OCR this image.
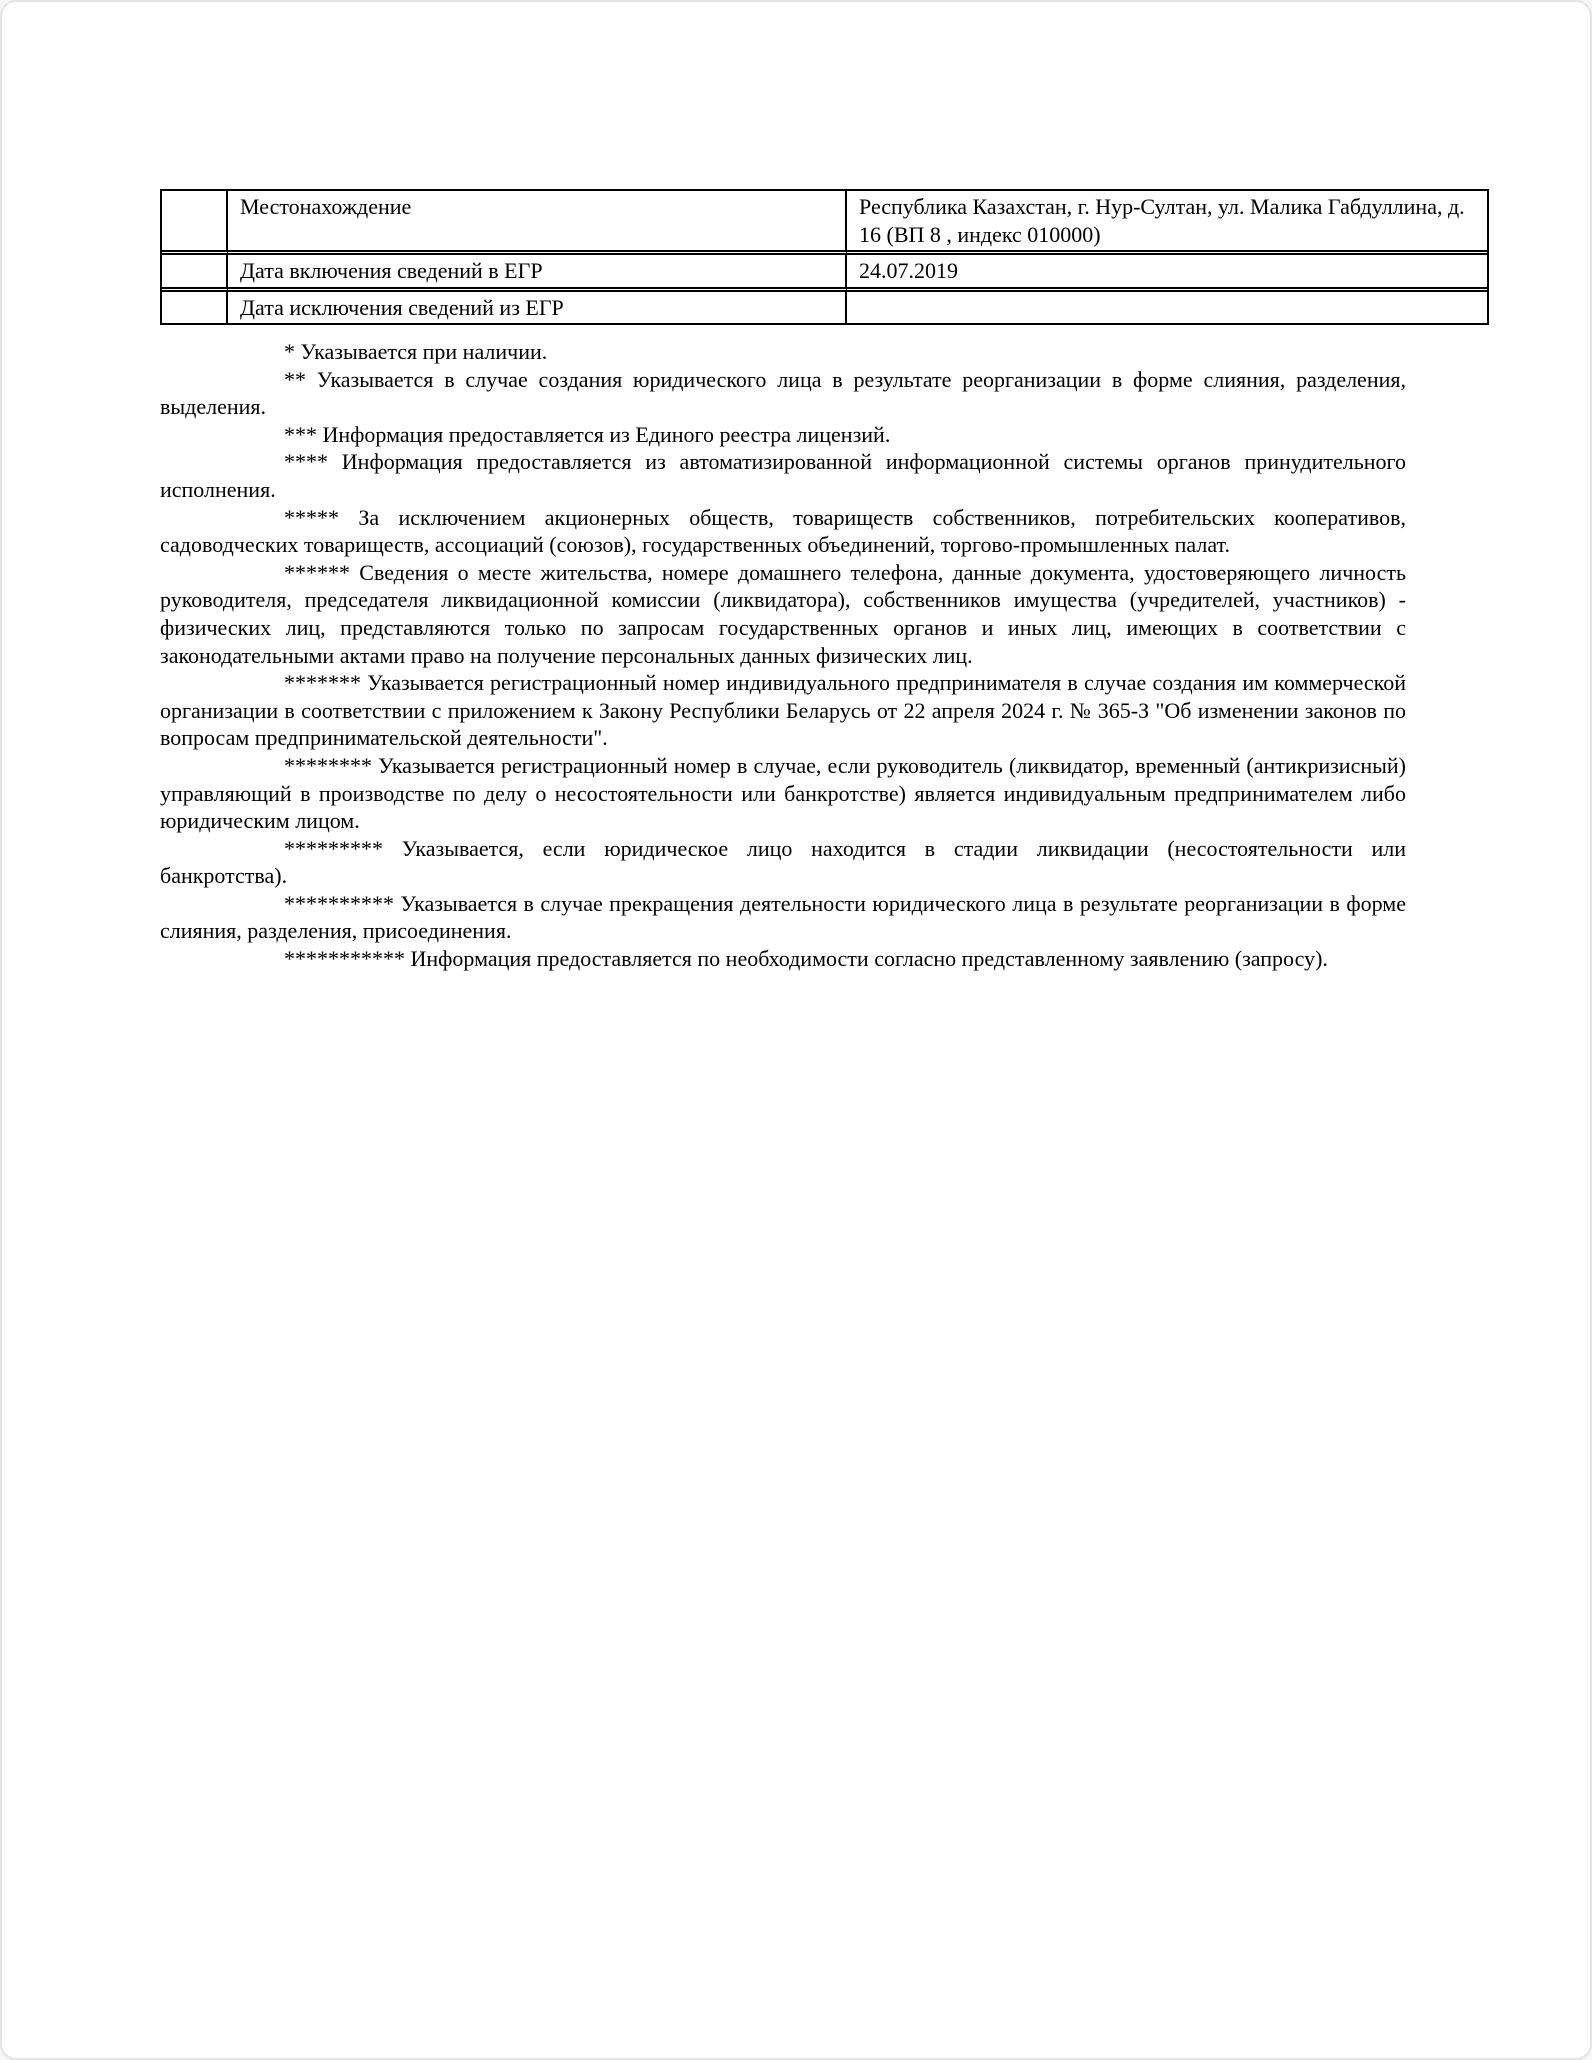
	Местонахождение	Республика Казахстан, г. Нур-Султан, ул. Малика Габдуллина, д. 16 (ВП 8 , индекс 010000)
	Дата включения сведений в ЕГР	24.07.2019
	Дата исключения сведений из ЕГР	

* Указывается при наличии.

** Указывается в случае создания юридического лица в результате реорганизации в форме слияния, разделения, выделения.

*** Информация предоставляется из Единого реестра лицензий.

**** Информация предоставляется из автоматизированной информационной системы органов принудительного исполнения.

***** За исключением акционерных обществ, товариществ собственников, потребительских кооперативов, садоводческих товариществ, ассоциаций (союзов), государственных объединений, торгово-промышленных палат.

****** Сведения о месте жительства, номере домашнего телефона, данные документа, удостоверяющего личность руководителя, председателя ликвидационной комиссии (ликвидатора), собственников имущества (учредителей, участников) - физических лиц, представляются только по запросам государственных органов и иных лиц, имеющих в соответствии с законодательными актами право на получение персональных данных физических лиц.

******* Указывается регистрационный номер индивидуального предпринимателя в случае создания им коммерческой организации в соответствии с приложением к Закону Республики Беларусь от 22 апреля 2024 г. № 365-З "Об изменении законов по вопросам предпринимательской деятельности".

******** Указывается регистрационный номер в случае, если руководитель (ликвидатор, временный (антикризисный) управляющий в производстве по делу о несостоятельности или банкротстве) является индивидуальным предпринимателем либо юридическим лицом.

********* Указывается, если юридическое лицо находится в стадии ликвидации (несостоятельности или банкротства).

********** Указывается в случае прекращения деятельности юридического лица в результате реорганизации в форме слияния, разделения, присоединения.

*********** Информация предоставляется по необходимости согласно представленному заявлению (запросу).
